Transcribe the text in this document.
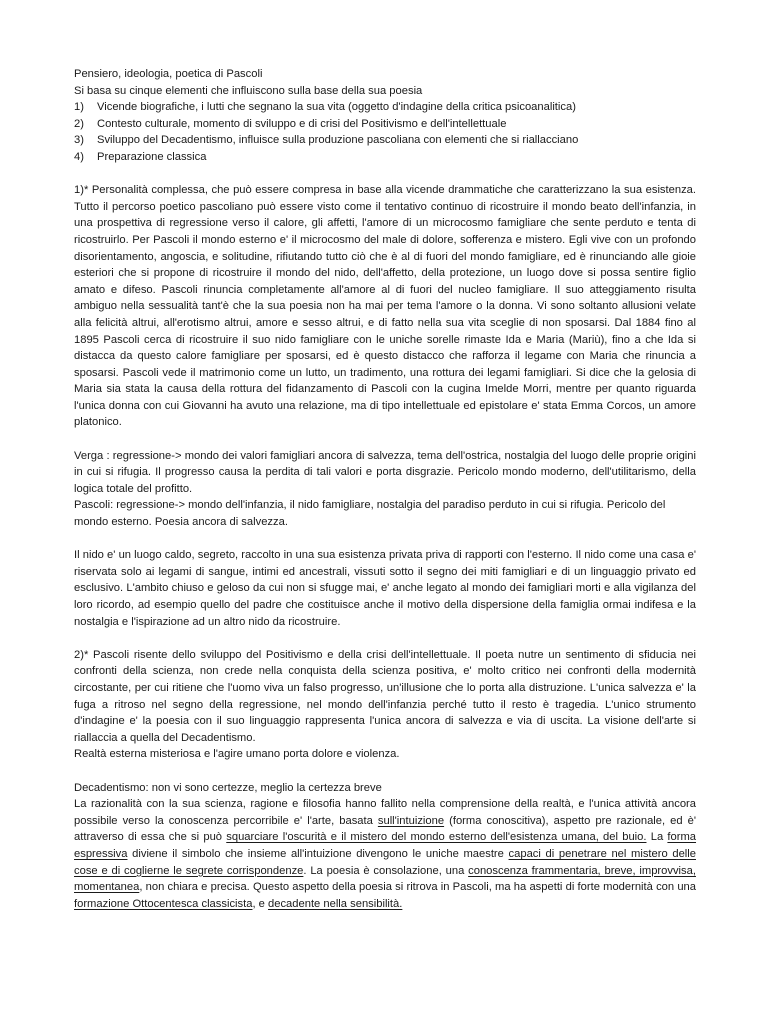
Pensiero, ideologia, poetica di Pascoli

Si basa su cinque elementi che influiscono sulla base della sua poesia

1)	Vicende biografiche, i lutti che segnano la sua vita (oggetto d'indagine della critica psicoanalitica)
2)	Contesto culturale, momento di sviluppo e di crisi del Positivismo e dell'intellettuale
3)	Sviluppo del Decadentismo, influisce sulla produzione pascoliana con elementi che si riallacciano
4)	Preparazione classica

1)* Personalità complessa, che può essere compresa in base alla vicende drammatiche che caratterizzano la sua esistenza. Tutto il percorso poetico pascoliano può essere visto come il tentativo continuo di ricostruire il mondo beato dell'infanzia, in una prospettiva di regressione verso il calore, gli affetti, l'amore di un microcosmo famigliare che sente perduto e tenta di ricostruirlo. Per Pascoli il mondo esterno e' il microcosmo del male di dolore, sofferenza e mistero. Egli vive con un profondo disorientamento, angoscia, e solitudine, rifiutando tutto ciò che è al di fuori del mondo famigliare, ed è rinunciando alle gioie esteriori che si propone di ricostruire il mondo del nido, dell'affetto, della protezione, un luogo dove si possa sentire figlio amato e difeso. Pascoli rinuncia completamente all'amore al di fuori del nucleo famigliare. Il suo atteggiamento risulta ambiguo nella sessualità tant'è che la sua poesia non ha mai per tema l'amore o la donna. Vi sono soltanto allusioni velate alla felicità altrui, all'erotismo altrui, amore e sesso altrui, e di fatto nella sua vita sceglie di non sposarsi. Dal 1884 fino al 1895 Pascoli cerca di ricostruire il suo nido famigliare con le uniche sorelle rimaste Ida e Maria (Mariù), fino a che Ida si distacca da questo calore famigliare per sposarsi, ed è questo distacco che rafforza il legame con Maria che rinuncia a sposarsi. Pascoli vede il matrimonio come un lutto, un tradimento, una rottura dei legami famigliari. Si dice che la gelosia di Maria sia stata la causa della rottura del fidanzamento di Pascoli con la cugina Imelde Morri, mentre per quanto riguarda l'unica donna con cui Giovanni ha avuto una relazione, ma di tipo intellettuale ed epistolare e' stata Emma Corcos, un amore platonico.

Verga : regressione-> mondo dei valori famigliari ancora di salvezza, tema dell'ostrica, nostalgia del luogo delle proprie origini in cui si rifugia. Il progresso causa la perdita di tali valori e porta disgrazie. Pericolo mondo moderno, dell'utilitarismo, della logica totale del profitto.

Pascoli: regressione-> mondo dell'infanzia, il nido famigliare, nostalgia del paradiso perduto in cui si rifugia. Pericolo del mondo esterno. Poesia ancora di salvezza.

Il nido e' un luogo caldo, segreto, raccolto in una sua esistenza privata priva di rapporti con l'esterno. Il nido come una casa e' riservata solo ai legami di sangue, intimi ed ancestrali, vissuti sotto il segno dei miti famigliari e di un linguaggio privato ed esclusivo. L'ambito chiuso e geloso da cui non si sfugge mai, e' anche legato al mondo dei famigliari morti e alla vigilanza del loro ricordo, ad esempio quello del padre che costituisce anche il motivo della dispersione della famiglia ormai indifesa e la nostalgia e l'ispirazione ad un altro nido da ricostruire.

2)* Pascoli risente dello sviluppo del Positivismo e della crisi dell'intellettuale. Il poeta nutre un sentimento di sfiducia nei confronti della scienza, non crede nella conquista della scienza positiva, e' molto critico nei confronti della modernità circostante, per cui ritiene che l'uomo viva un falso progresso, un'illusione che lo porta alla distruzione. L'unica salvezza e' la fuga a ritroso nel segno della regressione, nel mondo dell'infanzia perché tutto il resto è tragedia. L'unico strumento d'indagine e' la poesia con il suo linguaggio rappresenta l'unica ancora di salvezza e via di uscita. La visione dell'arte si riallaccia a quella del Decadentismo.

Realtà esterna misteriosa e l'agire umano porta dolore e violenza.

Decadentismo: non vi sono certezze, meglio la certezza breve

La razionalità con la sua scienza, ragione e filosofia hanno fallito nella comprensione della realtà, e l'unica attività ancora possibile verso la conoscenza percorribile e' l'arte, basata sull'intuizione (forma conoscitiva), aspetto pre razionale, ed è' attraverso di essa che si può squarciare l'oscurità e il mistero del mondo esterno dell'esistenza umana, del buio. La forma espressiva diviene il simbolo che insieme all'intuizione divengono le uniche maestre capaci di penetrare nel mistero delle cose e di coglierne le segrete corrispondenze. La poesia è consolazione, una conoscenza frammentaria, breve, improvvisa, momentanea, non chiara e precisa. Questo aspetto della poesia si ritrova in Pascoli, ma ha aspetti di forte modernità con una formazione Ottocentesca classicista, e decadente nella sensibilità.
